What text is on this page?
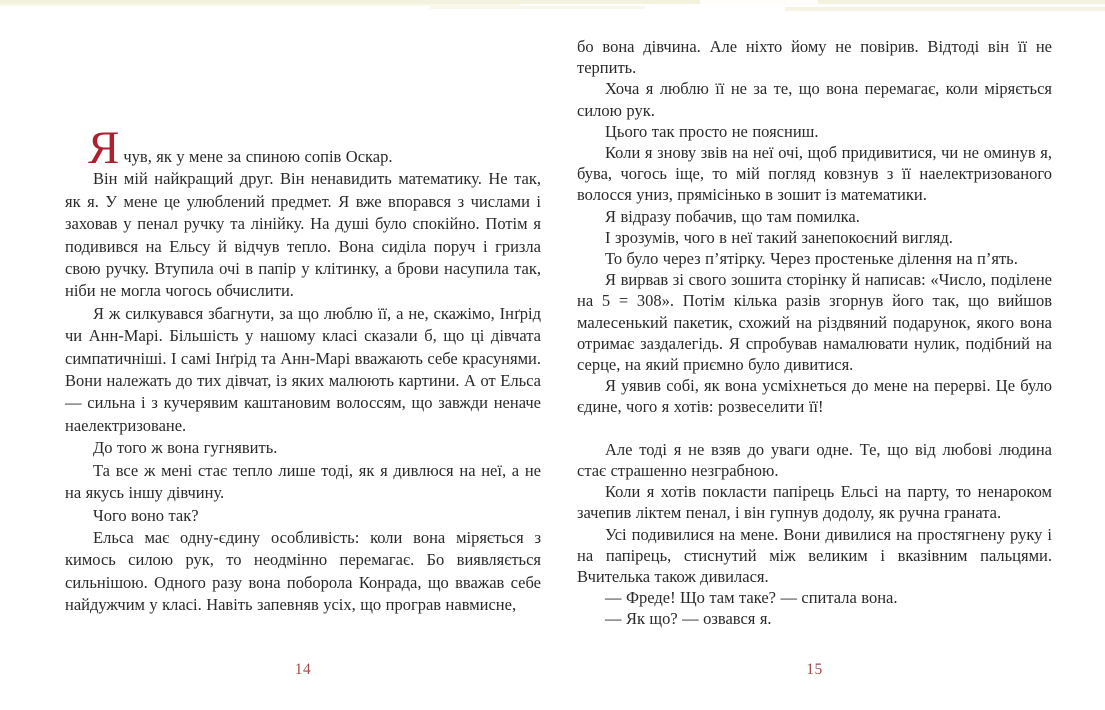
Ячув, як у мене за спиною сопів Оскар.

Він мій найкращий друг. Він ненавидить математику. Не так, як я. У мене це улюблений предмет. Я вже впорався з числами і заховав у пенал ручку та лінійку. На душі було спокійно. Потім я подивився на Ельсу й відчув тепло. Вона сиділа поруч і гризла свою ручку. Втупила очі в папір у клітинку, а брови насупила так, ніби не могла чогось обчислити.

Я ж силкувався збагнути, за що люблю її, а не, скажімо, Інґрід чи Анн-Марі. Більшість у нашому класі сказали б, що ці дівчата симпатичніші. І самі Інґрід та Анн-Марі вважають себе красунями. Вони належать до тих дівчат, із яких малюють картини. А от Ельса — сильна і з кучерявим каштановим волоссям, що завжди неначе наелектризоване.

До того ж вона гугнявить.

Та все ж мені стає тепло лише тоді, як я дивлюся на неї, а не на якусь іншу дівчину.

Чого воно так?

Ельса має одну-єдину особливість: коли вона міряється з кимось силою рук, то неодмінно перемагає. Бо виявляється сильнішою. Одного разу вона поборола Конрада, що вважав себе найдужчим у класі. Навіть запевняв усіх, що програв навмисне,

14

бо вона дівчина. Але ніхто йому не повірив. Відтоді він її не терпить.

Хоча я люблю її не за те, що вона перемагає, коли міряється силою рук.

Цього так просто не поясниш.

Коли я знову звів на неї очі, щоб придивитися, чи не оминув я, бува, чогось іще, то мій погляд ковзнув з її наелектризованого волосся униз, прямісінько в зошит із математики.

Я відразу побачив, що там помилка.

І зрозумів, чого в неї такий занепокоєний вигляд.

То було через п’ятірку. Через простеньке ділення на п’ять.

Я вирвав зі свого зошита сторінку й написав: «Число, поділене на 5 = 308». Потім кілька разів згорнув його так, що вийшов малесенький пакетик, схожий на різдвяний подарунок, якого вона отримає заздалегідь. Я спробував намалювати нулик, подібний на серце, на який приємно було дивитися.

Я уявив собі, як вона усміхнеться до мене на перерві. Це було єдине, чого я хотів: розвеселити її!

Але тоді я не взяв до уваги одне. Те, що від любові людина стає страшенно незграбною.

Коли я хотів покласти папірець Ельсі на парту, то ненароком зачепив ліктем пенал, і він гупнув додолу, як ручна граната.

Усі подивилися на мене. Вони дивилися на простягнену руку і на папірець, стиснутий між великим і вказівним пальцями. Вчителька також дивилася.

— Фреде! Що там таке? — спитала вона.

— Як що? — озвався я.

15
